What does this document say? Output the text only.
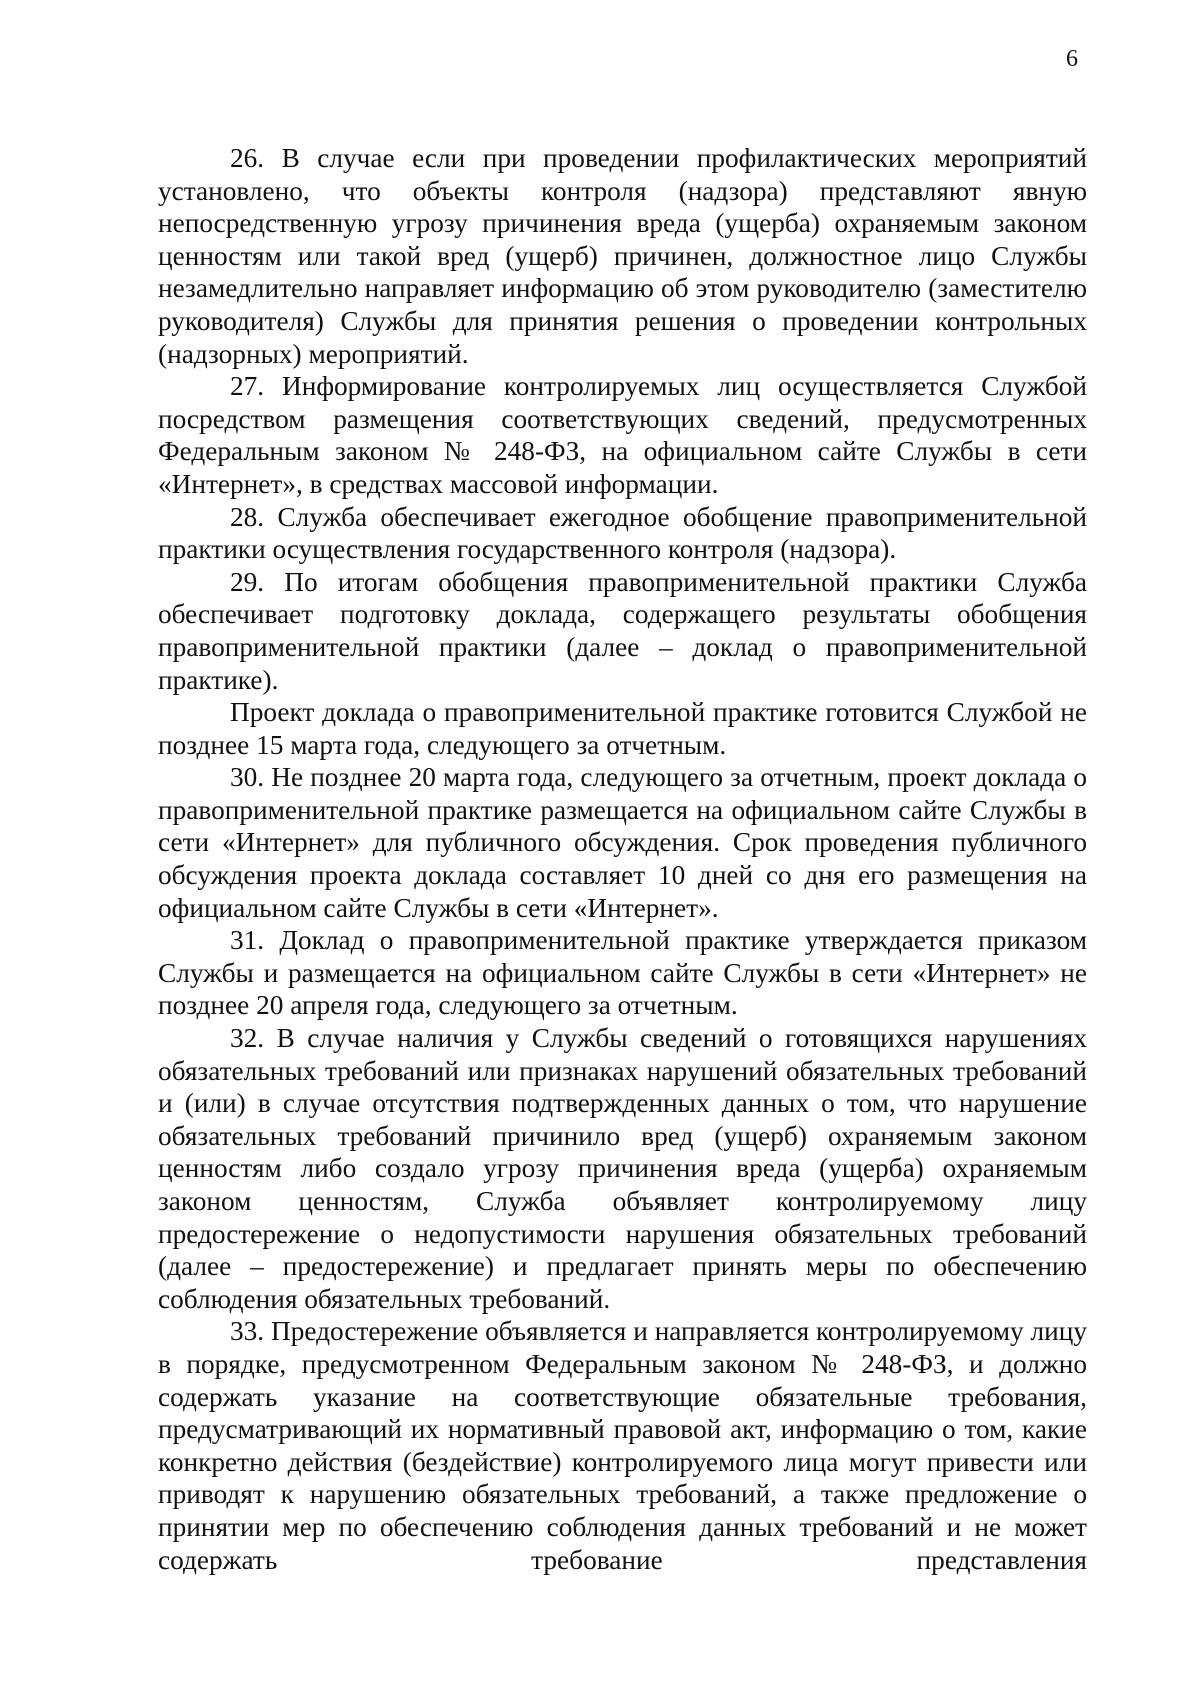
6

26. В случае если при проведении профилактических мероприятий установлено, что объекты контроля (надзора) представляют явную непосредственную угрозу причинения вреда (ущерба) охраняемым законом ценностям или такой вред (ущерб) причинен, должностное лицо Службы незамедлительно направляет информацию об этом руководителю (заместителю руководителя) Службы для принятия решения о проведении контрольных (надзорных) мероприятий.

27. Информирование контролируемых лиц осуществляется Службой посредством размещения соответствующих сведений, предусмотренных Федеральным законом № 248-ФЗ, на официальном сайте Службы в сети «Интернет», в средствах массовой информации.

28. Служба обеспечивает ежегодное обобщение правоприменительной практики осуществления государственного контроля (надзора).

29. По итогам обобщения правоприменительной практики Служба обеспечивает подготовку доклада, содержащего результаты обобщения правоприменительной практики (далее – доклад о правоприменительной практике).

Проект доклада о правоприменительной практике готовится Службой не позднее 15 марта года, следующего за отчетным.

30. Не позднее 20 марта года, следующего за отчетным, проект доклада о правоприменительной практике размещается на официальном сайте Службы в сети «Интернет» для публичного обсуждения. Срок проведения публичного обсуждения проекта доклада составляет 10 дней со дня его размещения на официальном сайте Службы в сети «Интернет».

31. Доклад о правоприменительной практике утверждается приказом Службы и размещается на официальном сайте Службы в сети «Интернет» не позднее 20 апреля года, следующего за отчетным.

32. В случае наличия у Службы сведений о готовящихся нарушениях обязательных требований или признаках нарушений обязательных требований и (или) в случае отсутствия подтвержденных данных о том, что нарушение обязательных требований причинило вред (ущерб) охраняемым законом ценностям либо создало угрозу причинения вреда (ущерба) охраняемым законом ценностям, Служба объявляет контролируемому лицу предостережение о недопустимости нарушения обязательных требований (далее – предостережение) и предлагает принять меры по обеспечению соблюдения обязательных требований.

33. Предостережение объявляется и направляется контролируемому лицу в порядке, предусмотренном Федеральным законом № 248-ФЗ, и должно содержать указание на соответствующие обязательные требования, предусматривающий их нормативный правовой акт, информацию о том, какие конкретно действия (бездействие) контролируемого лица могут привести или приводят к нарушению обязательных требований, а также предложение о принятии мер по обеспечению соблюдения данных требований и не может содержать требование представления
